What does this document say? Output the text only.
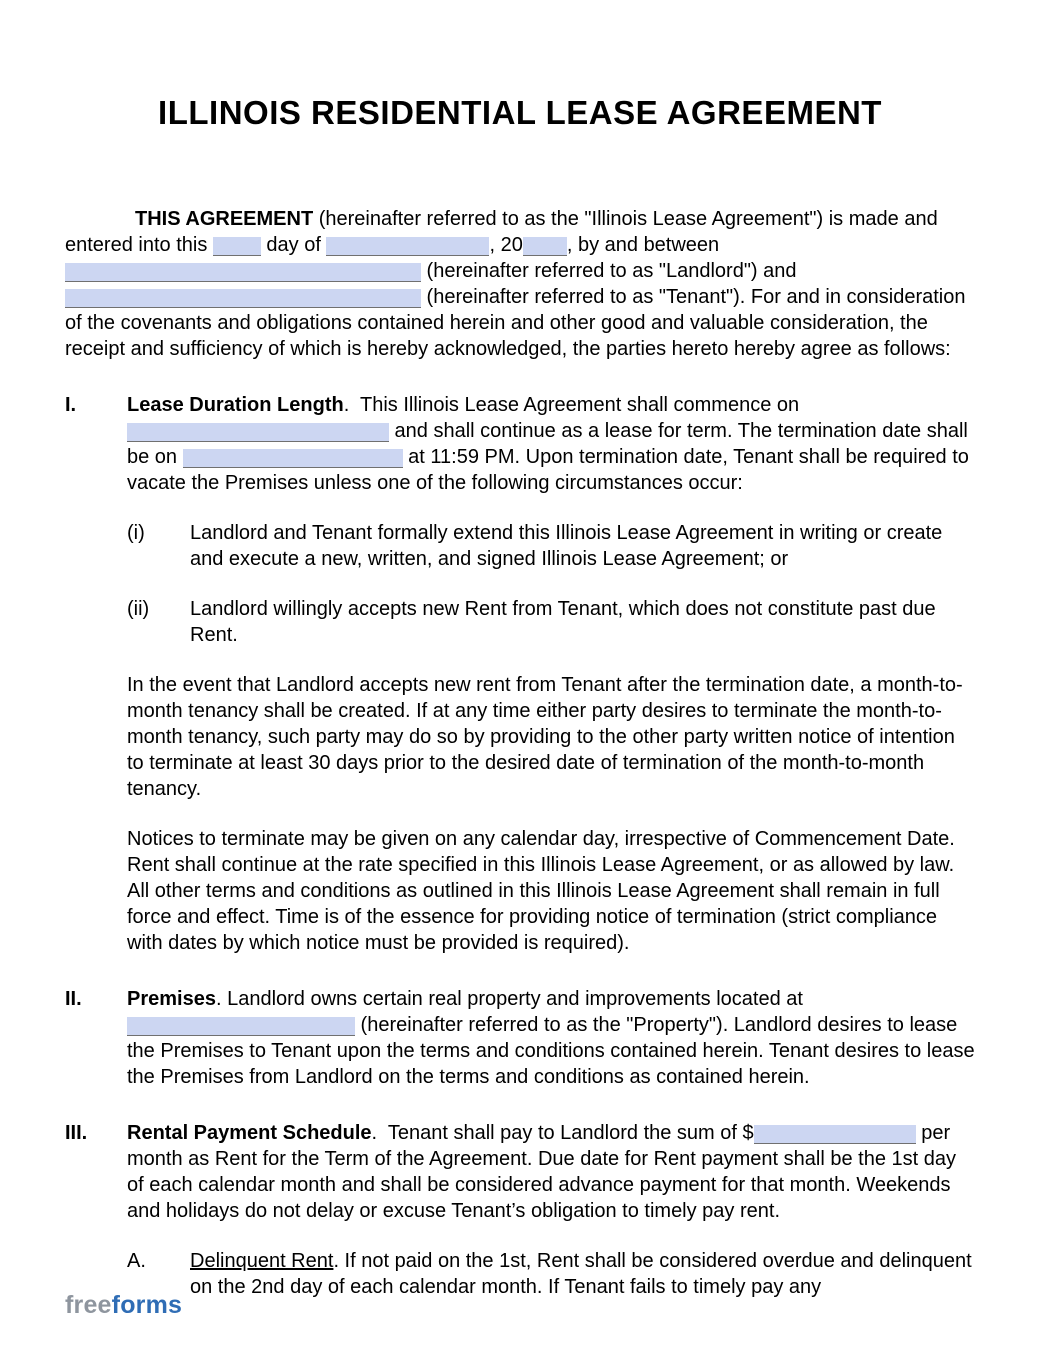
ILLINOIS RESIDENTIAL LEASE AGREEMENT

THIS AGREEMENT (hereinafter referred to as the "Illinois Lease Agreement") is made and entered into this  day of	, 20 , by and between  (hereinafter referred to as "Landlord") and  (hereinafter referred to as "Tenant"). For and in consideration of the covenants and obligations contained herein and other good and valuable consideration, the receipt and sufficiency of which is hereby acknowledged, the parties hereto hereby agree as follows:

I.	Lease Duration Length.  This Illinois Lease Agreement shall commence on  and shall continue as a lease for term. The termination date shall be on	at 11:59 PM. Upon termination date, Tenant shall be required to vacate the Premises unless one of the following circumstances occur:

(i)	Landlord and Tenant formally extend this Illinois Lease Agreement in writing or create and execute a new, written, and signed Illinois Lease Agreement; or

(ii)	Landlord willingly accepts new Rent from Tenant, which does not constitute past due Rent.

In the event that Landlord accepts new rent from Tenant after the termination date, a month-to-month tenancy shall be created. If at any time either party desires to terminate the month-to-month tenancy, such party may do so by providing to the other party written notice of intention to terminate at least 30 days prior to the desired date of termination of the month-to-month tenancy.

Notices to terminate may be given on any calendar day, irrespective of Commencement Date. Rent shall continue at the rate specified in this Illinois Lease Agreement, or as allowed by law. All other terms and conditions as outlined in this Illinois Lease Agreement shall remain in full force and effect. Time is of the essence for providing notice of termination (strict compliance with dates by which notice must be provided is required).

II.	Premises. Landlord owns certain real property and improvements located at  (hereinafter referred to as the "Property"). Landlord desires to lease the Premises to Tenant upon the terms and conditions contained herein. Tenant desires to lease the Premises from Landlord on the terms and conditions as contained herein.

III.	Rental Payment Schedule.  Tenant shall pay to Landlord the sum of $	per month as Rent for the Term of the Agreement. Due date for Rent payment shall be the 1st day of each calendar month and shall be considered advance payment for that month. Weekends and holidays do not delay or excuse Tenant’s obligation to timely pay rent.

A.	Delinquent Rent. If not paid on the 1st, Rent shall be considered overdue and delinquent on the 2nd day of each calendar month. If Tenant fails to timely pay any

freeforms
